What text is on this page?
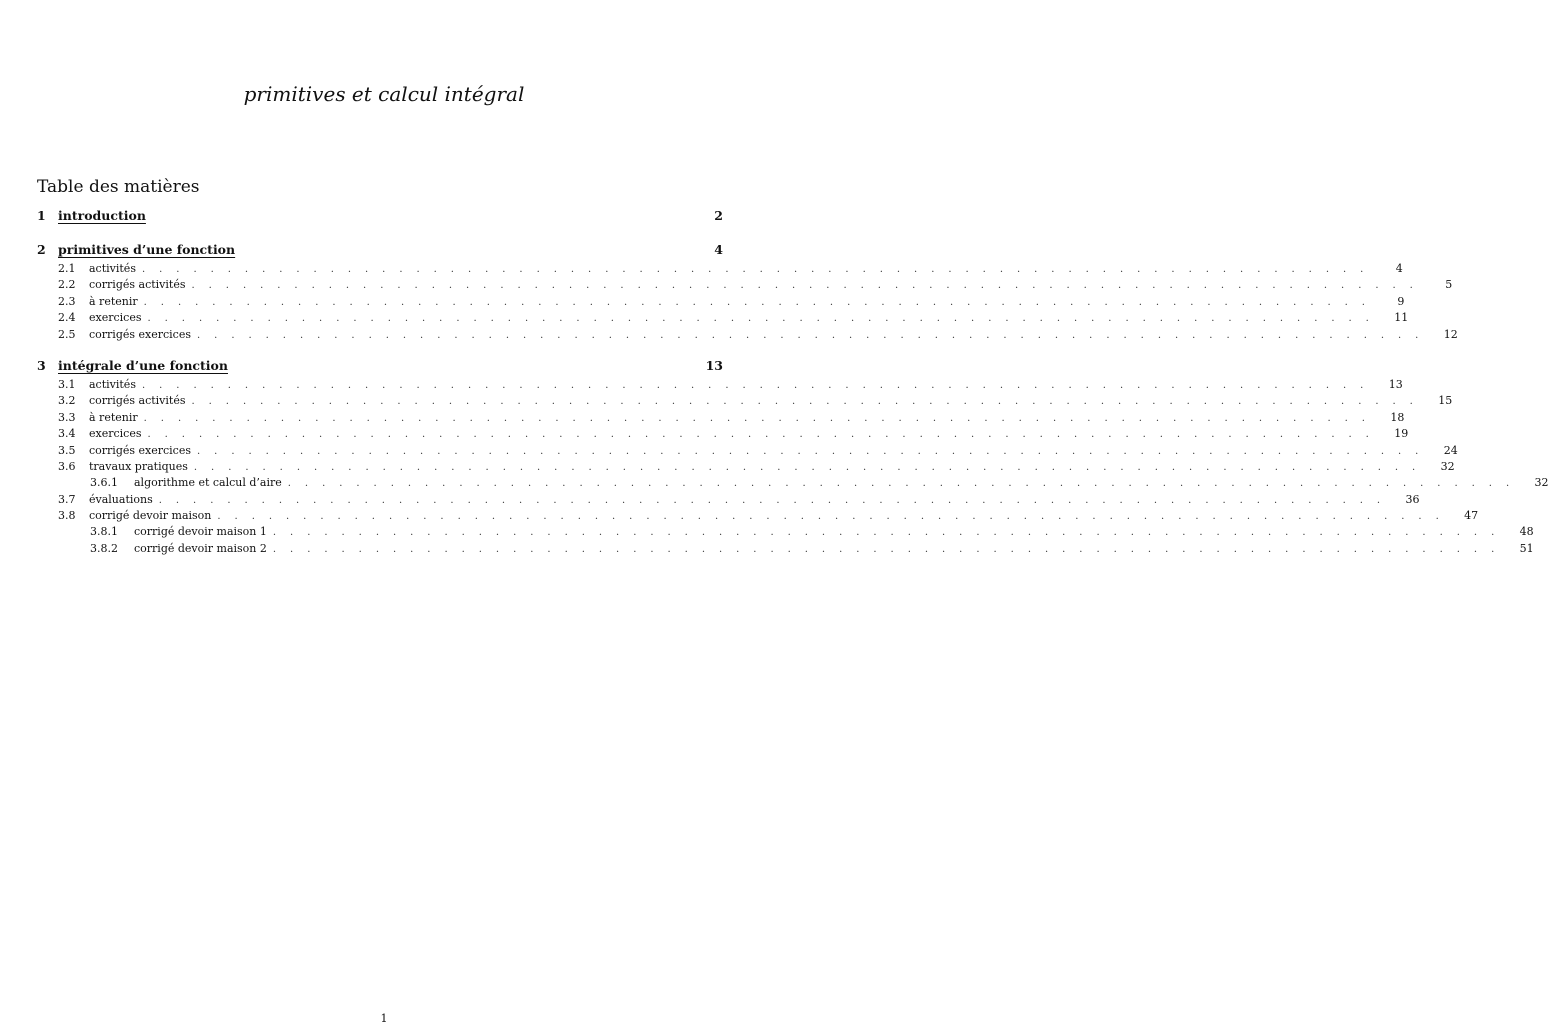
primitives et calcul intégral
Table des matières
1 introduction	2
2 primitives d’une fonction	4
2.1	activités . . . . . . . . . . . . . . . . . . . . . . . . . . . . . . . . . . . . . . . . . . . . . . . . . . . . . . . . . . . . . . . . . . . . . . . .	4
2.2	corrigés activités . . . . . . . . . . . . . . . . . . . . . . . . . . . . . . . . . . . . . . . . . . . . . . . . . . . . . . . . . . . . . . . . . . . . . . . .	5
2.3	à retenir . . . . . . . . . . . . . . . . . . . . . . . . . . . . . . . . . . . . . . . . . . . . . . . . . . . . . . . . . . . . . . . . . . . . . . . .	9
2.4	exercices . . . . . . . . . . . . . . . . . . . . . . . . . . . . . . . . . . . . . . . . . . . . . . . . . . . . . . . . . . . . . . . . . . . . . . . .	11
2.5	corrigés exercices . . . . . . . . . . . . . . . . . . . . . . . . . . . . . . . . . . . . . . . . . . . . . . . . . . . . . . . . . . . . . . . . . . . . . . . .	12
3 intégrale d’une fonction	13
3.1	activités . . . . . . . . . . . . . . . . . . . . . . . . . . . . . . . . . . . . . . . . . . . . . . . . . . . . . . . . . . . . . . . . . . . . . . . .	13
3.2	corrigés activités . . . . . . . . . . . . . . . . . . . . . . . . . . . . . . . . . . . . . . . . . . . . . . . . . . . . . . . . . . . . . . . . . . . . . . . .	15
3.3	à retenir . . . . . . . . . . . . . . . . . . . . . . . . . . . . . . . . . . . . . . . . . . . . . . . . . . . . . . . . . . . . . . . . . . . . . . . .	18
3.4	exercices . . . . . . . . . . . . . . . . . . . . . . . . . . . . . . . . . . . . . . . . . . . . . . . . . . . . . . . . . . . . . . . . . . . . . . . .	19
3.5	corrigés exercices . . . . . . . . . . . . . . . . . . . . . . . . . . . . . . . . . . . . . . . . . . . . . . . . . . . . . . . . . . . . . . . . . . . . . . . .	24
3.6	travaux pratiques . . . . . . . . . . . . . . . . . . . . . . . . . . . . . . . . . . . . . . . . . . . . . . . . . . . . . . . . . . . . . . . . . . . . . . . .	32
3.6.1	algorithme et calcul d’aire . . . . . . . . . . . . . . . . . . . . . . . . . . . . . . . . . . . . . . . . . . . . . . . . . . . . . . . . . . . . . . . . . . . . . . . .	32
3.7	évaluations . . . . . . . . . . . . . . . . . . . . . . . . . . . . . . . . . . . . . . . . . . . . . . . . . . . . . . . . . . . . . . . . . . . . . . . .	36
3.8	corrigé devoir maison . . . . . . . . . . . . . . . . . . . . . . . . . . . . . . . . . . . . . . . . . . . . . . . . . . . . . . . . . . . . . . . . . . . . . . . .	47
3.8.1	corrigé devoir maison 1 . . . . . . . . . . . . . . . . . . . . . . . . . . . . . . . . . . . . . . . . . . . . . . . . . . . . . . . . . . . . . . . . . . . . . . . .	48
3.8.2	corrigé devoir maison 2 . . . . . . . . . . . . . . . . . . . . . . . . . . . . . . . . . . . . . . . . . . . . . . . . . . . . . . . . . . . . . . . . . . . . . . . .	51
1
